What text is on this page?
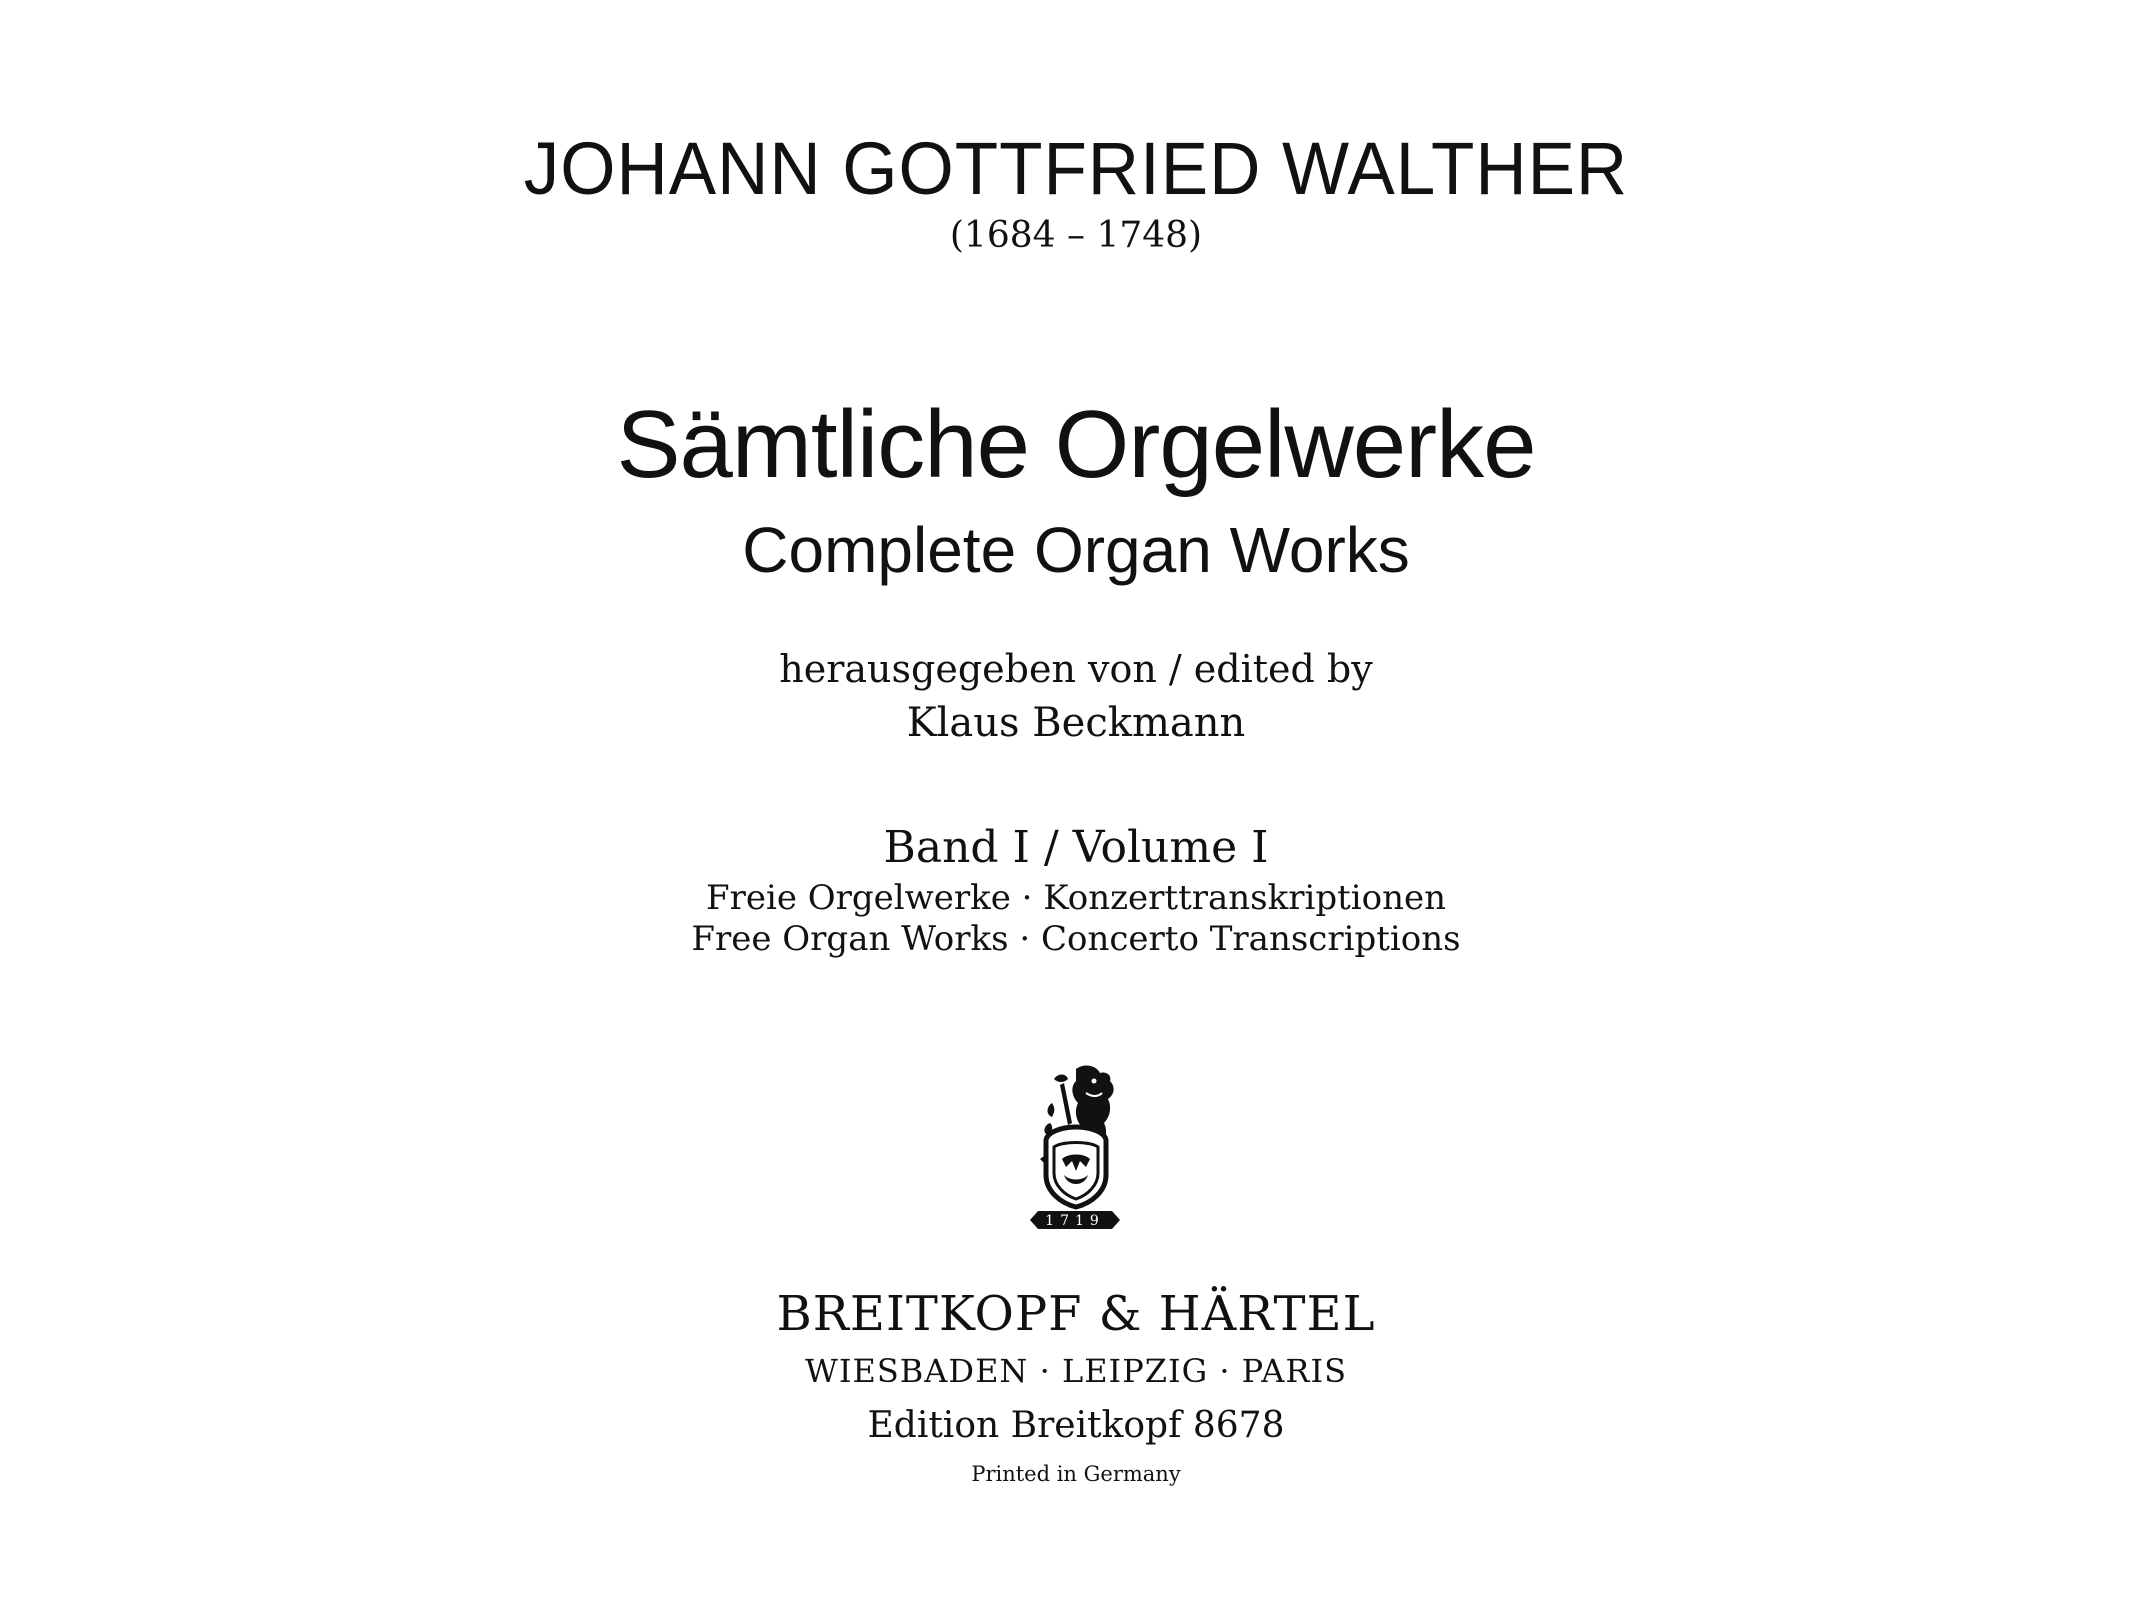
JOHANN GOTTFRIED WALTHER
(1684 – 1748)
Sämtliche Orgelwerke
Complete Organ Works
herausgegeben von / edited by
Klaus Beckmann
Band I / Volume I
Freie Orgelwerke · Konzerttranskriptionen
Free Organ Works · Concerto Transcriptions
1719
BREITKOPF & HÄRTEL
WIESBADEN · LEIPZIG · PARIS
Edition Breitkopf 8678
Printed in Germany
